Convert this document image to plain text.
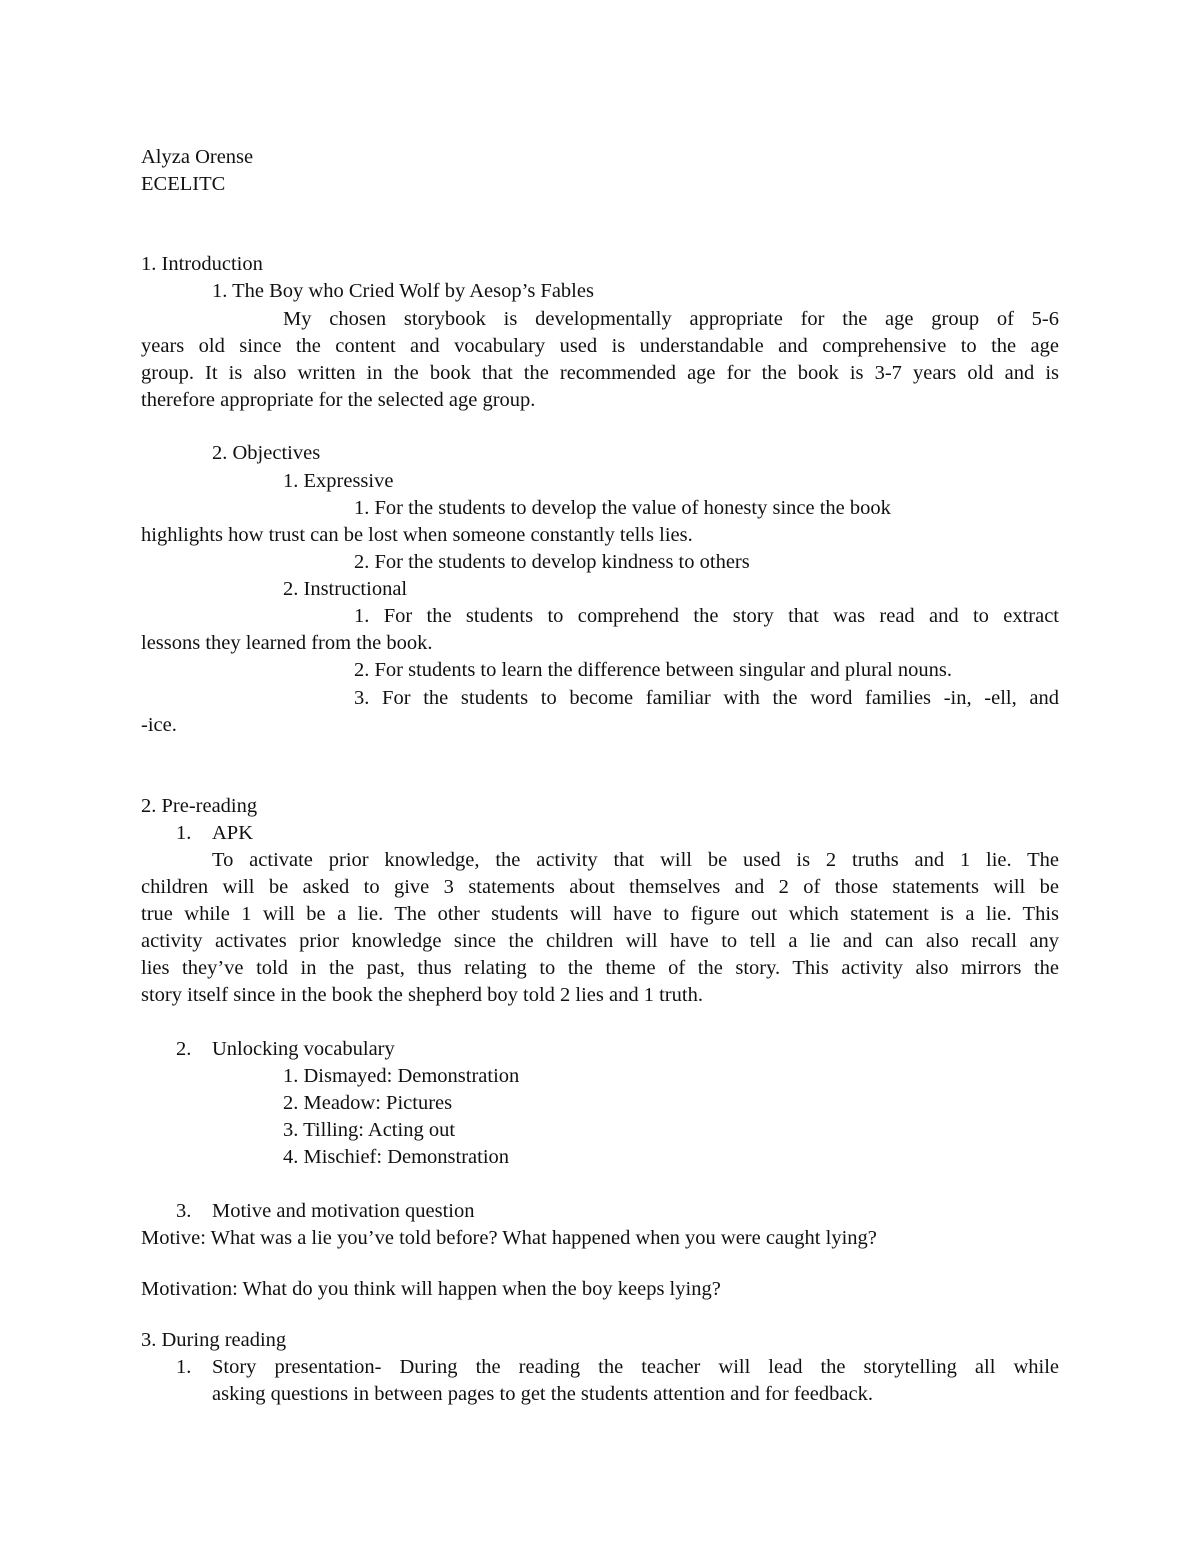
Alyza Orense
ECELITC
1. Introduction
1. The Boy who Cried Wolf by Aesop’s Fables
My chosen storybook is developmentally appropriate for the age group of 5-6
years old since the content and vocabulary used is understandable and comprehensive to the age
group. It is also written in the book that the recommended age for the book is 3-7 years old and is
therefore appropriate for the selected age group.
2. Objectives
1. Expressive
1. For the students to develop the value of honesty since the book
highlights how trust can be lost when someone constantly tells lies.
2. For the students to develop kindness to others
2. Instructional
1. For the students to comprehend the story that was read and to extract
lessons they learned from the book.
2. For students to learn the difference between singular and plural nouns.
3. For the students to become familiar with the word families -in, -ell, and
-ice.
2. Pre-reading
1. APK
To activate prior knowledge, the activity that will be used is 2 truths and 1 lie. The
children will be asked to give 3 statements about themselves and 2 of those statements will be
true while 1 will be a lie. The other students will have to figure out which statement is a lie. This
activity activates prior knowledge since the children will have to tell a lie and can also recall any
lies they’ve told in the past, thus relating to the theme of the story. This activity also mirrors the
story itself since in the book the shepherd boy told 2 lies and 1 truth.
2. Unlocking vocabulary
1. Dismayed: Demonstration
2. Meadow: Pictures
3. Tilling: Acting out
4. Mischief: Demonstration
3. Motive and motivation question
Motive: What was a lie you’ve told before? What happened when you were caught lying?
Motivation: What do you think will happen when the boy keeps lying?
3. During reading
1. Story presentation- During the reading the teacher will lead the storytelling all while
asking questions in between pages to get the students attention and for feedback.
